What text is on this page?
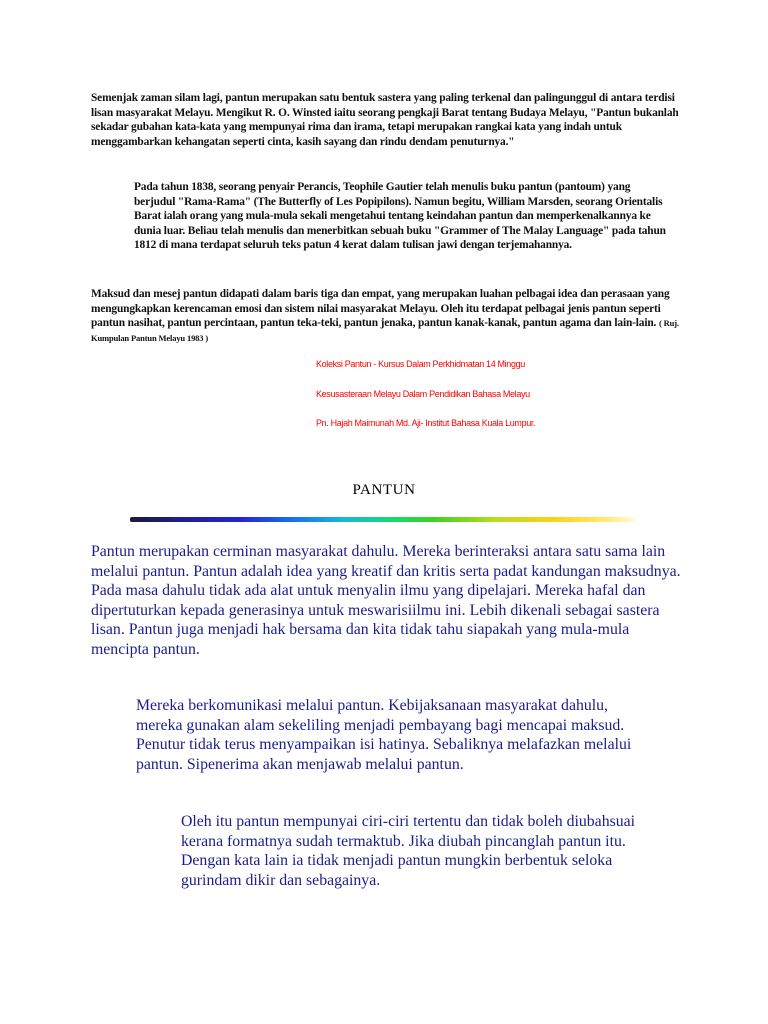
Semenjak zaman silam lagi, pantun merupakan satu bentuk sastera yang paling terkenal dan palingunggul di antara terdisi lisan masyarakat Melayu. Mengikut R. O. Winsted iaitu seorang pengkaji Barat tentang Budaya Melayu, "Pantun bukanlah sekadar gubahan kata-kata yang mempunyai rima dan irama, tetapi merupakan rangkai kata yang indah untuk menggambarkan kehangatan seperti cinta, kasih sayang dan rindu dendam penuturnya."

Pada tahun 1838, seorang penyair Perancis, Teophile Gautier telah menulis buku pantun (pantoum) yang berjudul "Rama-Rama" (The Butterfly of Les Popipilons). Namun begitu, William Marsden, seorang Orientalis Barat ialah orang yang mula-mula sekali mengetahui tentang keindahan pantun dan memperkenalkannya ke dunia luar. Beliau telah menulis dan menerbitkan sebuah buku "Grammer of The Malay Language" pada tahun 1812 di mana terdapat seluruh teks patun 4 kerat dalam tulisan jawi dengan terjemahannya.

Maksud dan mesej pantun didapati dalam baris tiga dan empat, yang merupakan luahan pelbagai idea dan perasaan yang mengungkapkan kerencaman emosi dan sistem nilai masyarakat Melayu. Oleh itu terdapat pelbagai jenis pantun seperti pantun nasihat, pantun percintaan, pantun teka-teki, pantun jenaka, pantun kanak-kanak, pantun agama dan lain-lain. ( Ruj. Kumpulan Pantun Melayu 1983 )

Koleksi Pantun - Kursus Dalam Perkhidmatan 14 Minggu
Kesusasteraan Melayu Dalam Pendidikan Bahasa Melayu
Pn. Hajah Maimunah Md. Aji- Institut Bahasa Kuala Lumpur.
PANTUN

Pantun merupakan cerminan masyarakat dahulu. Mereka berinteraksi antara satu sama lain melalui pantun. Pantun adalah idea yang kreatif dan kritis serta padat kandungan maksudnya. Pada masa dahulu tidak ada alat untuk menyalin ilmu yang dipelajari. Mereka hafal dan dipertuturkan kepada generasinya untuk meswarisiilmu ini. Lebih dikenali sebagai sastera lisan. Pantun juga menjadi hak bersama dan kita tidak tahu siapakah yang mula-mula mencipta pantun.

Mereka berkomunikasi melalui pantun. Kebijaksanaan masyarakat dahulu, mereka gunakan alam sekeliling menjadi pembayang bagi mencapai maksud. Penutur tidak terus menyampaikan isi hatinya. Sebaliknya melafazkan melalui pantun. Sipenerima akan menjawab melalui pantun.

Oleh itu pantun mempunyai ciri-ciri tertentu dan tidak boleh diubahsuai kerana formatnya sudah termaktub. Jika diubah pincanglah pantun itu. Dengan kata lain ia tidak menjadi pantun mungkin berbentuk seloka gurindam dikir dan sebagainya.
